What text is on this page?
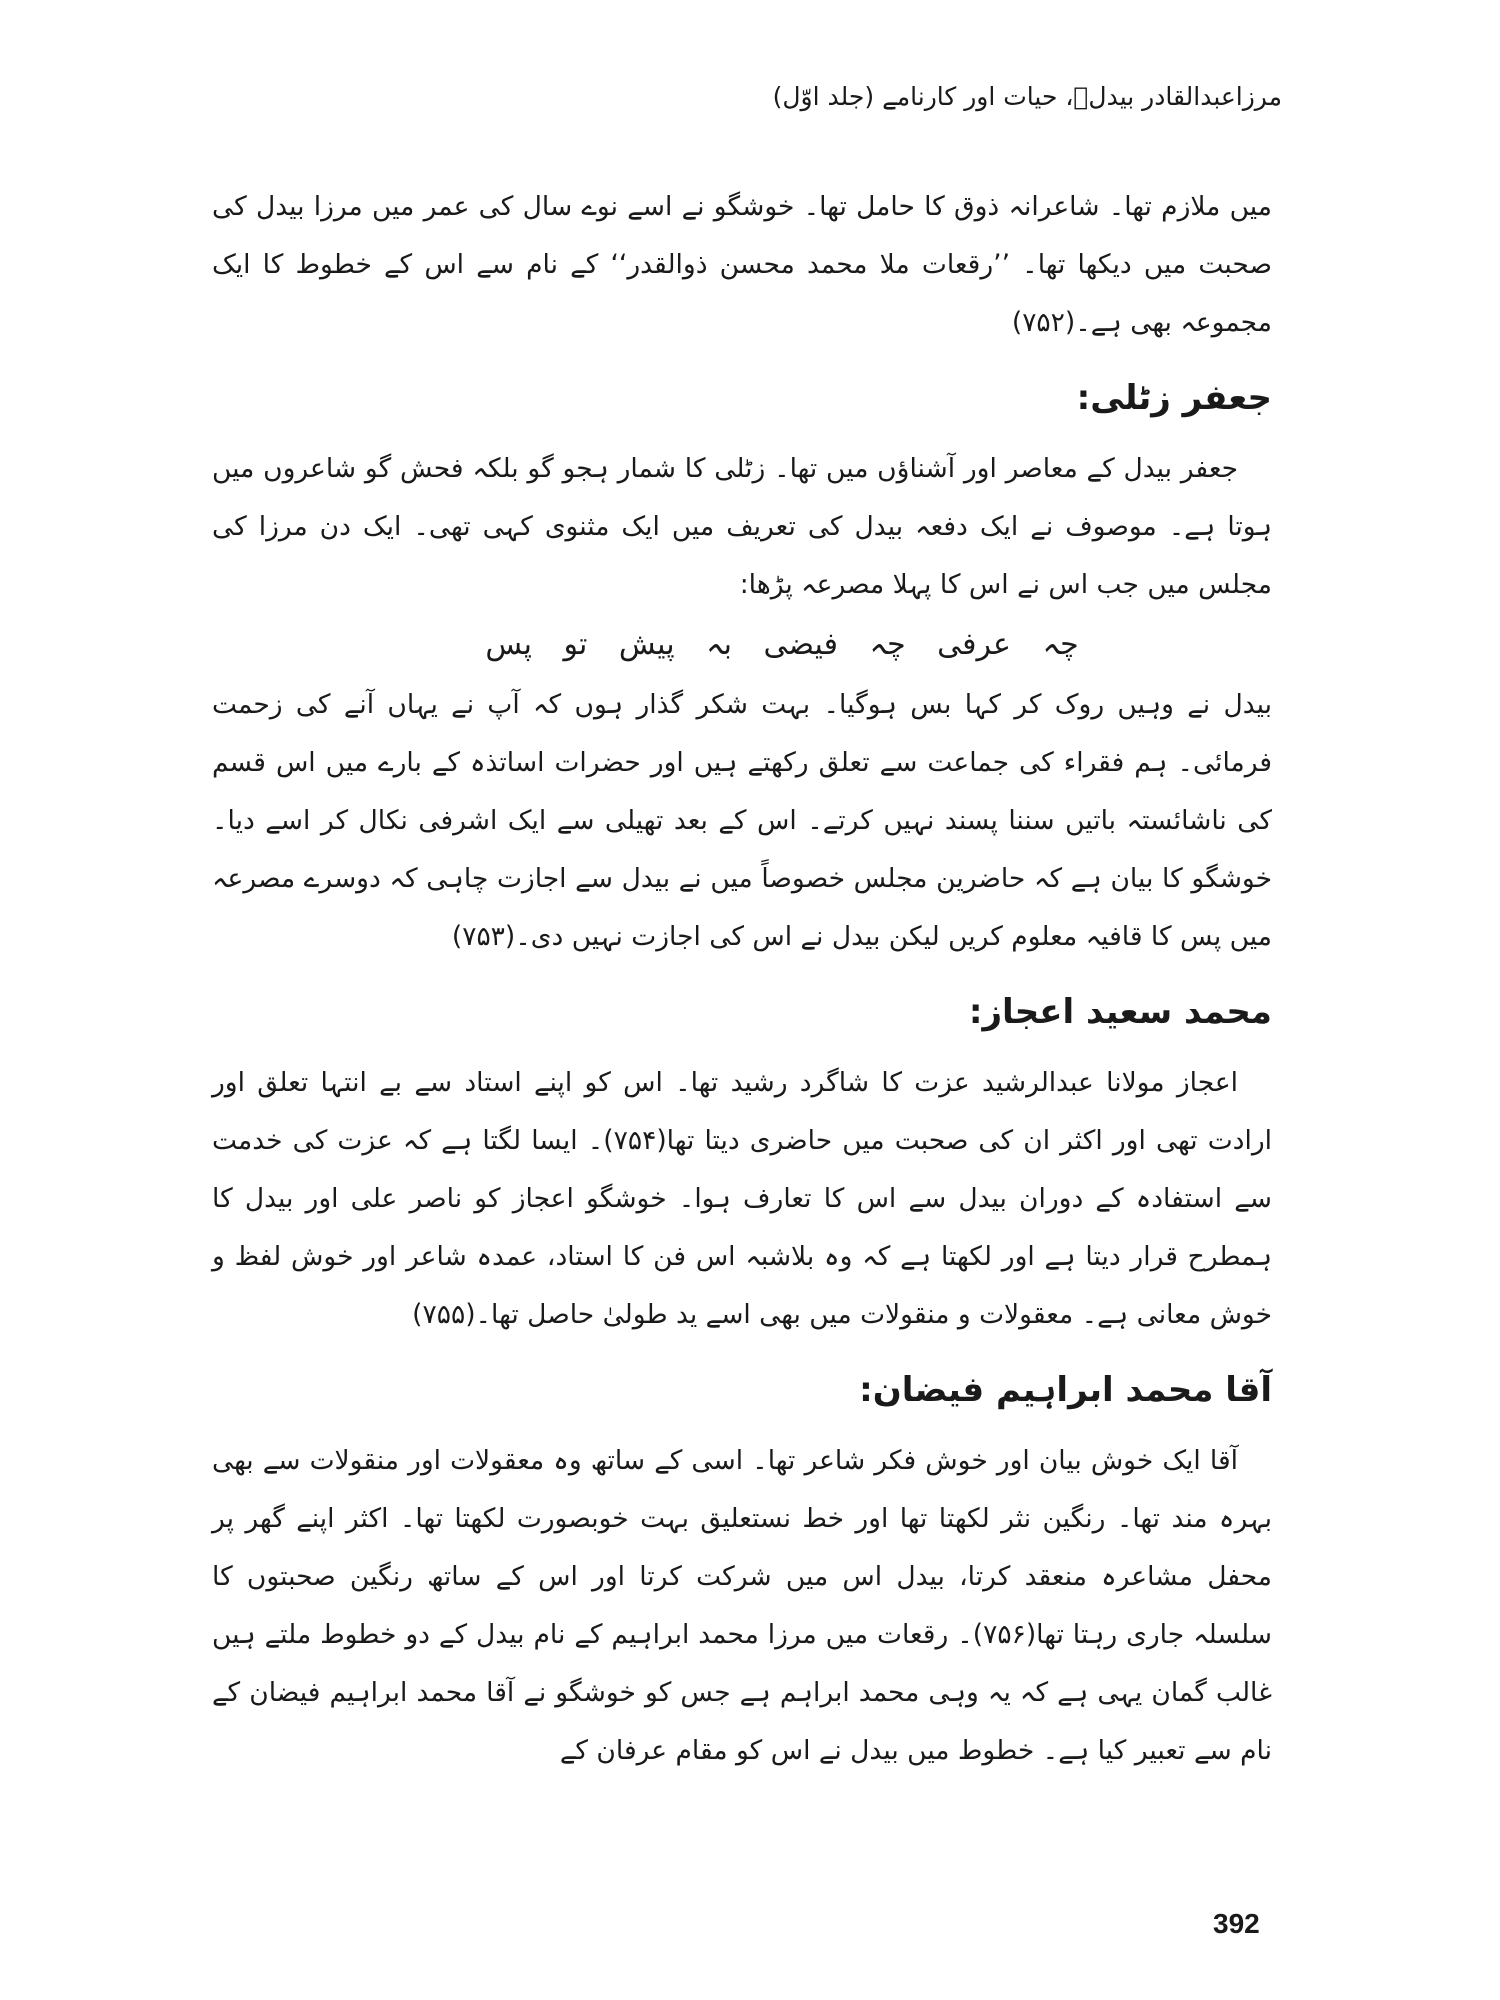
مرزاعبدالقادر بیدلؔ، حیات اور کارنامے (جلد اوّل)

میں ملازم تھا۔ شاعرانہ ذوق کا حامل تھا۔ خوشگو نے اسے نوے سال کی عمر میں مرزا بیدل کی صحبت میں دیکھا تھا۔ ’’رقعات ملا محمد محسن ذوالقدر‘‘ کے نام سے اس کے خطوط کا ایک مجموعہ بھی ہے۔(۷۵۲)

جعفر زٹلی:

جعفر بیدل کے معاصر اور آشناؤں میں تھا۔ زٹلی کا شمار ہجو گو بلکہ فحش گو شاعروں میں ہوتا ہے۔ موصوف نے ایک دفعہ بیدل کی تعریف میں ایک مثنوی کہی تھی۔ ایک دن مرزا کی مجلس میں جب اس نے اس کا پہلا مصرعہ پڑھا:

چہ عرفی چہ فیضی بہ پیش تو پس

بیدل نے وہیں روک کر کہا بس ہوگیا۔ بہت شکر گذار ہوں کہ آپ نے یہاں آنے کی زحمت فرمائی۔ ہم فقراء کی جماعت سے تعلق رکھتے ہیں اور حضرات اساتذہ کے بارے میں اس قسم کی ناشائستہ باتیں سننا پسند نہیں کرتے۔ اس کے بعد تھیلی سے ایک اشرفی نکال کر اسے دیا۔ خوشگو کا بیان ہے کہ حاضرین مجلس خصوصاً میں نے بیدل سے اجازت چاہی کہ دوسرے مصرعہ میں پس کا قافیہ معلوم کریں لیکن بیدل نے اس کی اجازت نہیں دی۔(۷۵۳)

محمد سعید اعجاز:

اعجاز مولانا عبدالرشید عزت کا شاگرد رشید تھا۔ اس کو اپنے استاد سے بے انتہا تعلق اور ارادت تھی اور اکثر ان کی صحبت میں حاضری دیتا تھا(۷۵۴)۔ ایسا لگتا ہے کہ عزت کی خدمت سے استفادہ کے دوران بیدل سے اس کا تعارف ہوا۔ خوشگو اعجاز کو ناصر علی اور بیدل کا ہمطرح قرار دیتا ہے اور لکھتا ہے کہ وہ بلاشبہ اس فن کا استاد، عمدہ شاعر اور خوش لفظ و خوش معانی ہے۔ معقولات و منقولات میں بھی اسے ید طولیٰ حاصل تھا۔(۷۵۵)

آقا محمد ابراہیم فیضان:

آقا ایک خوش بیان اور خوش فکر شاعر تھا۔ اسی کے ساتھ وہ معقولات اور منقولات سے بھی بہرہ مند تھا۔ رنگین نثر لکھتا تھا اور خط نستعلیق بہت خوبصورت لکھتا تھا۔ اکثر اپنے گھر پر محفل مشاعرہ منعقد کرتا، بیدل اس میں شرکت کرتا اور اس کے ساتھ رنگین صحبتوں کا سلسلہ جاری رہتا تھا(۷۵۶)۔ رقعات میں مرزا محمد ابراہیم کے نام بیدل کے دو خطوط ملتے ہیں غالب گمان یہی ہے کہ یہ وہی محمد ابراہم ہے جس کو خوشگو نے آقا محمد ابراہیم فیضان کے نام سے تعبیر کیا ہے۔ خطوط میں بیدل نے اس کو مقام عرفان کے

392
